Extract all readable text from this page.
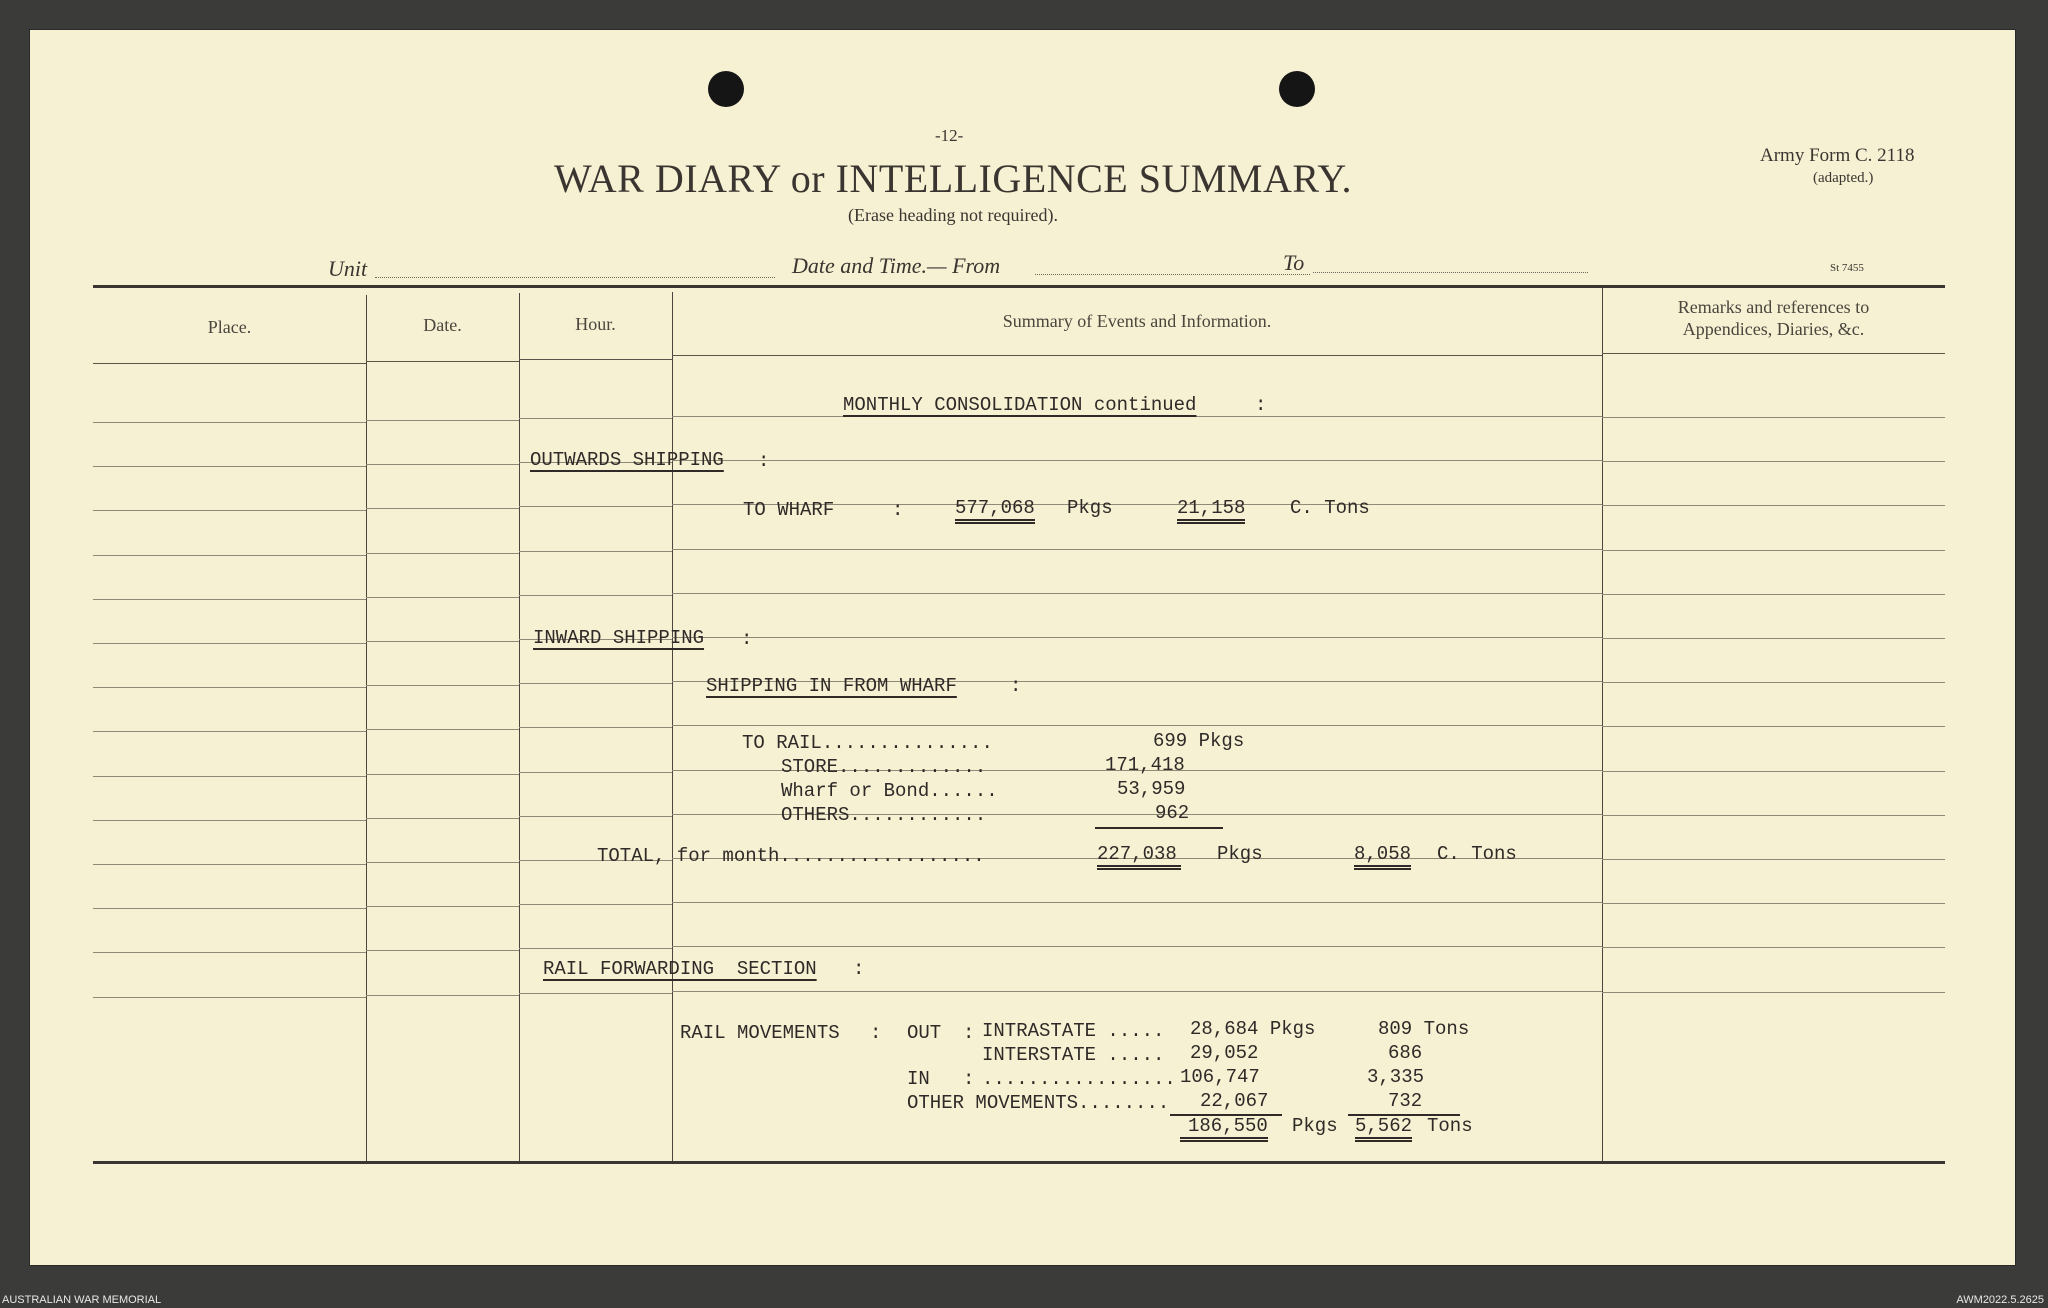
-12-
WAR DIARY or INTELLIGENCE SUMMARY.
(Erase heading not required).
Army Form C. 2118
(adapted.)
St 7455
Unit	Date and Time.— From	To
Place.	Date.	Hour.	Summary of Events and Information.
Remarks and references to
Appendices, Diaries, &c.
MONTHLY CONSOLIDATION continued	:
OUTWARDS SHIPPING :
TO WHARF	:	577,068 Pkgs	21,158 C. Tons
INWARD SHIPPING :
SHIPPING IN FROM WHARF	:
TO RAIL...............	699 Pkgs
STORE.............	171,418
Wharf or Bond......	53,959
OTHERS............	962
TOTAL, for month..................	227,038 Pkgs	8,058 C. Tons
RAIL FORWARDING  SECTION :
RAIL MOVEMENTS : OUT : INTRASTATE ..... 28,684 Pkgs	809 Tons
INTERSTATE ..... 29,052	686
IN : ................. 106,747	3,335
OTHER MOVEMENTS........ 22,067	732
186,550 Pkgs 5,562 Tons
AUSTRALIAN WAR MEMORIAL	AWM2022.5.2625
